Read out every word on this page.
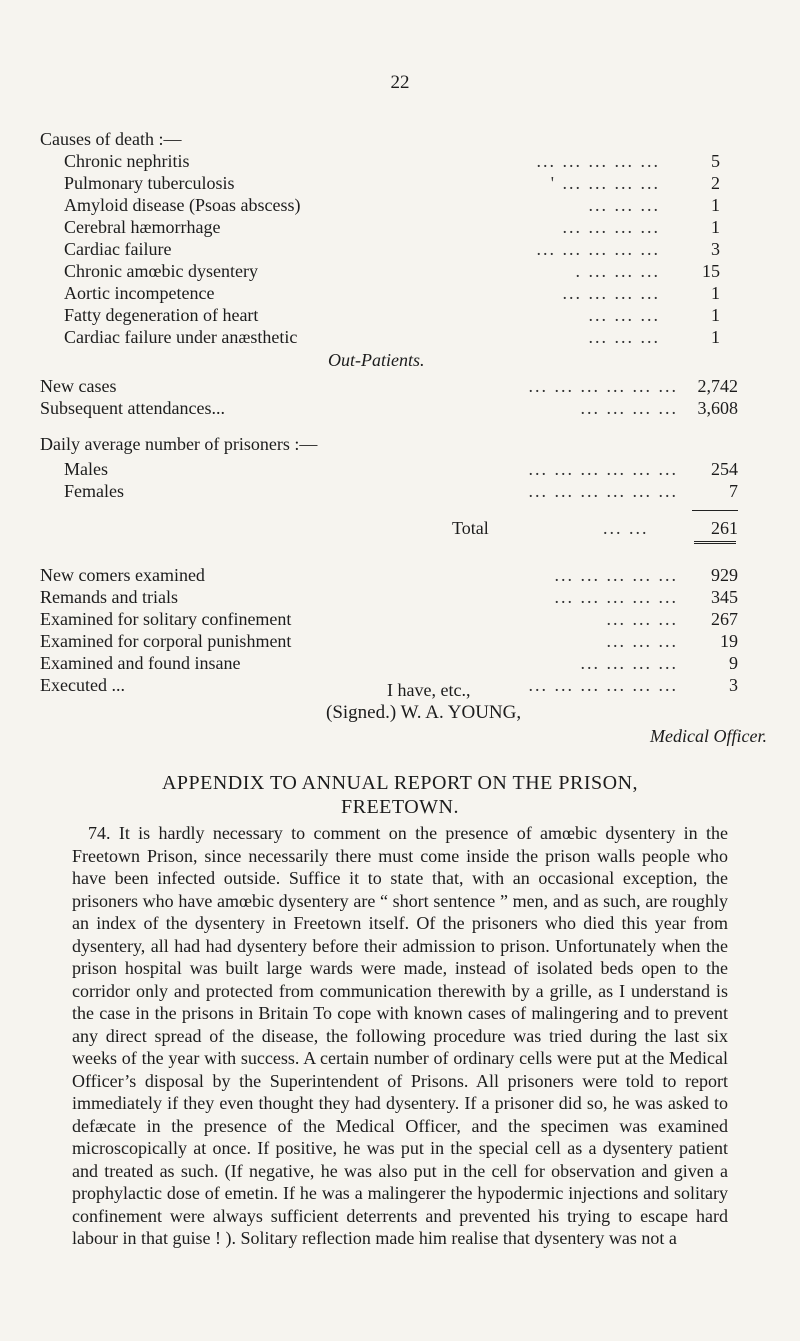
22
Causes of death :—
Chronic nephritis	... ... ... ... ...	5
Pulmonary tuberculosis	' ... ... ... ...	2
Amyloid disease (Psoas abscess)	... ... ...	1
Cerebral hæmorrhage	... ... ... ...	1
Cardiac failure	... ... ... ... ...	3
Chronic amœbic dysentery	. ... ... ... 15
Aortic incompetence	... ... ... ...	1
Fatty degeneration of heart	... ... ...	1
Cardiac failure under anæsthetic	... ... ...	1
Out-Patients.
New cases	... ... ... ... ... ... 2,742
Subsequent attendances...	... ... ... ... 3,608
Daily average number of prisoners :—
Males	... ... ... ... ... ... 254
Females	... ... ... ... ... ...	7
Total	... ...	261
New comers examined	... ... ... ... ... 929
Remands and trials	... ... ... ... ... 345
Examined for solitary confinement	... ... ... 267
Examined for corporal punishment	... ... ... 19
Examined and found insane	... ... ... ...	9
Executed ...	... ... ... ... ... ...	3
I have, etc.,
(Signed.) W. A. YOUNG,
Medical Officer.
APPENDIX TO ANNUAL REPORT ON THE PRISON,
FREETOWN.

74. It is hardly necessary to comment on the presence of amœbic dysentery in the Freetown Prison, since necessarily there must come inside the prison walls people who have been infected outside. Suffice it to state that, with an occasional exception, the prisoners who have amœbic dysentery are “ short sentence ” men, and as such, are roughly an index of the dysentery in Freetown itself. Of the prisoners who died this year from dysentery, all had had dysentery before their admission to prison. Unfortunately when the prison hospital was built large wards were made, instead of isolated beds open to the corridor only and protected from communication therewith by a grille, as I understand is the case in the prisons in Britain To cope with known cases of malingering and to prevent any direct spread of the disease, the following procedure was tried during the last six weeks of the year with success. A certain number of ordinary cells were put at the Medical Officer’s disposal by the Superintendent of Prisons. All prisoners were told to report immediately if they even thought they had dysentery. If a prisoner did so, he was asked to defæcate in the presence of the Medical Officer, and the specimen was examined microscopically at once. If positive, he was put in the special cell as a dysentery patient and treated as such. (If negative, he was also put in the cell for observation and given a prophylactic dose of emetin. If he was a malingerer the hypodermic injections and solitary confinement were always sufficient deterrents and prevented his trying to escape hard labour in that guise ! ). Solitary reflection made him realise that dysentery was not a
